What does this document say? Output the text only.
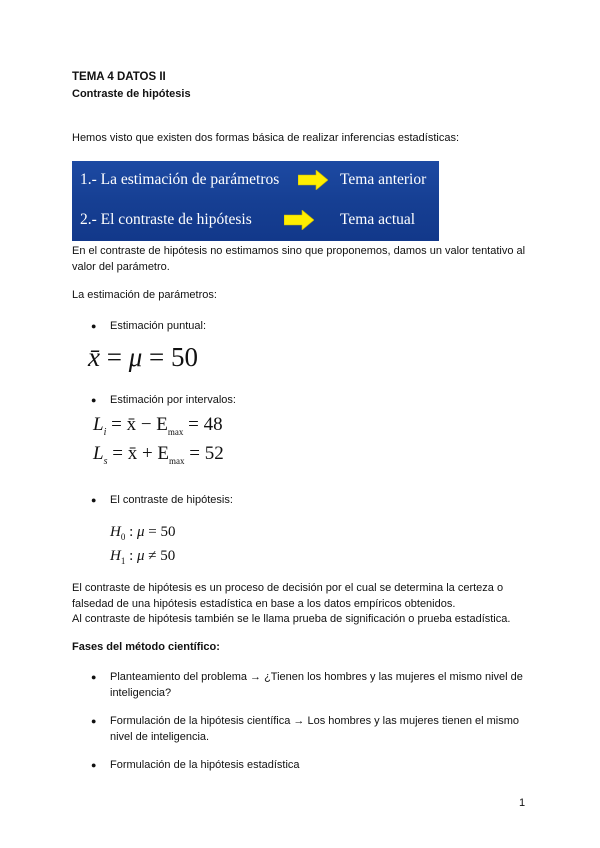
TEMA 4 DATOS II
Contraste de hipótesis
Hemos visto que existen dos formas básica de realizar inferencias estadísticas:
1.- La estimación de parámetros	Tema anterior
2.- El contraste de hipótesis	Tema actual
En el contraste de hipótesis no estimamos sino que proponemos, damos un valor tentativo al valor del parámetro.
La estimación de parámetros:
● Estimación puntual:
x̄ = μ = 50
● Estimación por intervalos:
$L_i$ = x̄ − $E_{max} = 48$
$L_s$ = x̄ + $E_{max} = 52$
● El contraste de hipótesis:
$H_0$ : μ = 50
$H_1$ : μ ≠ 50
El contraste de hipótesis es un proceso de decisión por el cual se determina la certeza o falsedad de una hipótesis estadística en base a los datos empíricos obtenidos.
Al contraste de hipótesis también se le llama prueba de significación o prueba estadística.
Fases del método científico:
● Planteamiento del problema → ¿Tienen los hombres y las mujeres el mismo nivel de inteligencia?
● Formulación de la hipótesis científica → Los hombres y las mujeres tienen el mismo nivel de inteligencia.
● Formulación de la hipótesis estadística
1
